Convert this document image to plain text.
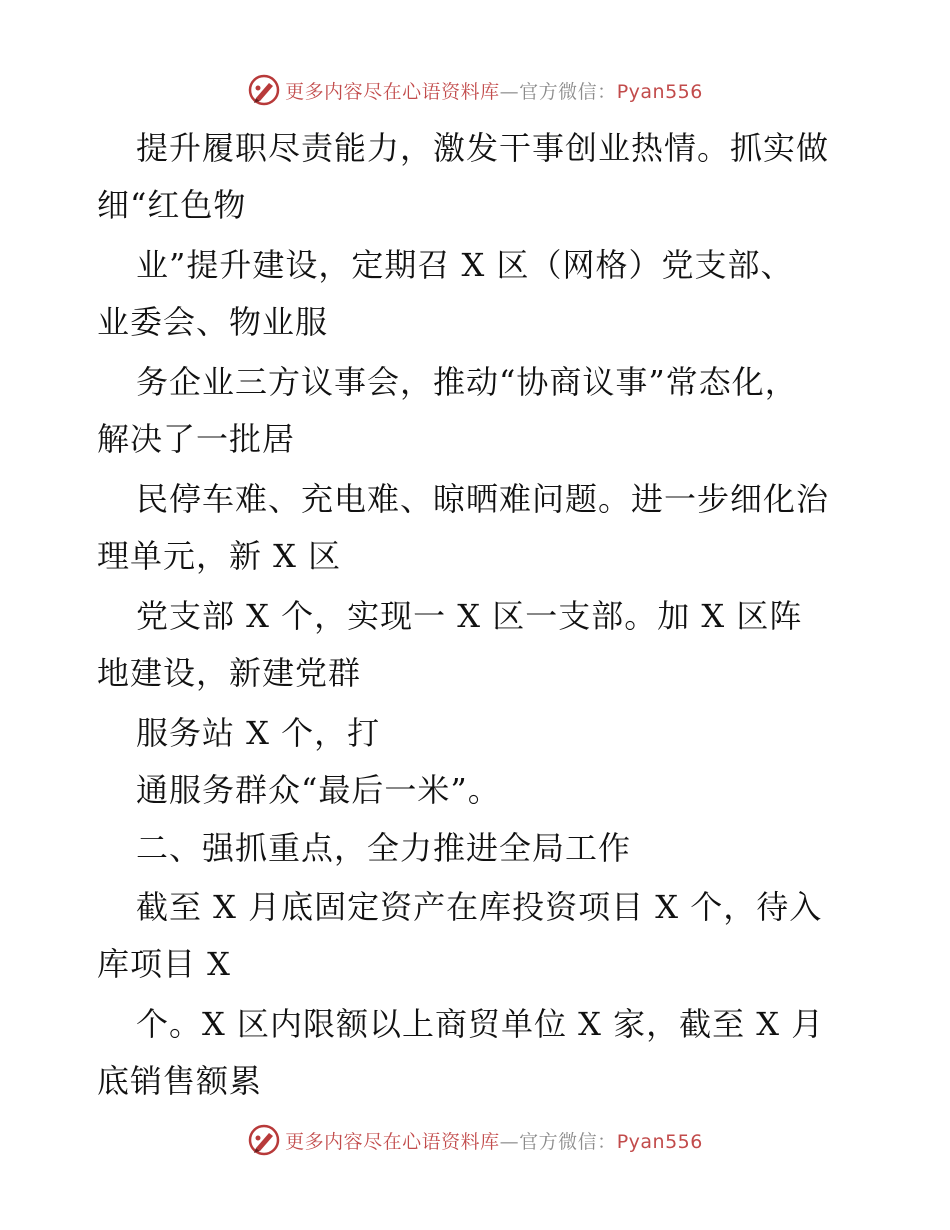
更多内容尽在心语资料库—官方微信：Pyan556
提升履职尽责能力，激发干事创业热情。抓实做
细“红色物
业”提升建设，定期召 X 区（网格）党支部、
业委会、物业服
务企业三方议事会，推动“协商议事”常态化，
解决了一批居
民停车难、充电难、晾晒难问题。进一步细化治
理单元，新 X 区
党支部 X 个，实现一 X 区一支部。加 X 区阵
地建设，新建党群
服务站 X 个，打
通服务群众“最后一米”。
二、强抓重点，全力推进全局工作
截至 X 月底固定资产在库投资项目 X 个，待入
库项目 X
个。X 区内限额以上商贸单位 X 家，截至 X 月
底销售额累
更多内容尽在心语资料库—官方微信：Pyan556
